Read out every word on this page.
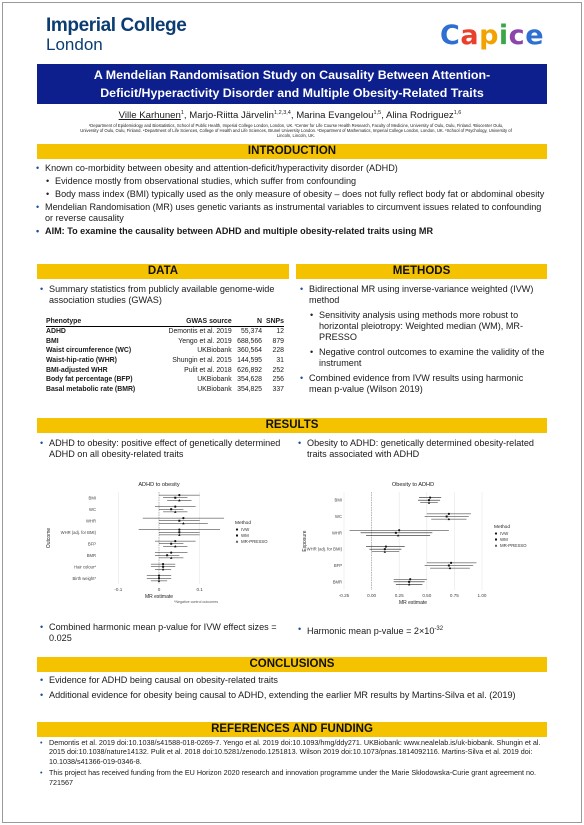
Imperial College
London	Capice
A Mendelian Randomisation Study on Causality Between Attention-Deficit/Hyperactivity Disorder and Multiple Obesity-Related Traits
Ville Karhunen$^1$, Marjo-Riitta Järvelin$^{1,2,3,4}$, Marina Evangelou$^{1,5}$, Alina Rodriguez$^{1,6}$
¹Department of Epidemiology and Biostatistics, School of Public Health, Imperial College London, London, UK. ²Center for Life Course Health Research, Faculty of Medicine, University of Oulu, Oulu, Finland. ³Biocenter Oulu, University of Oulu, Oulu, Finland. ⁴Department of Life Sciences, College of Health and Life Sciences, Brunel University London. ⁵Department of Mathematics, Imperial College London, London, UK. ⁶School of Psychology, University of Lincoln, Lincoln, UK.
INTRODUCTION
• Known co-morbidity between obesity and attention-deficit/hyperactivity disorder (ADHD)
• Evidence mostly from observational studies, which suffer from confounding
• Body mass index (BMI) typically used as the only measure of obesity – does not fully reflect body fat or abdominal obesity
• Mendelian Randomisation (MR) uses genetic variants as instrumental variables to circumvent issues related to confounding or reverse causality
• AIM: To examine the causality between ADHD and multiple obesity-related traits using MR
DATA
• Summary statistics from publicly available genome-wide association studies (GWAS)
Phenotype	GWAS source	N	SNPs
ADHD	Demontis et al. 2019	55,374	12
BMI	Yengo et al. 2019	688,566	879
Waist circumference (WC)	UKBiobank	360,564	228
Waist-hip-ratio (WHR)	Shungin et al. 2015	144,595	31
BMI-adjusted WHR	Pulit et al. 2018	626,892	252
Body fat percentage (BFP)	UKBiobank	354,628	256
Basal metabolic rate (BMR)	UKBiobank	354,825	337
METHODS
• Bidirectional MR using inverse-variance weighted (IVW) method
• Sensitivity analysis using methods more robust to horizontal pleiotropy: Weighted median (WM), MR-PRESSO
• Negative control outcomes to examine the validity of the instrument
• Combined evidence from IVW results using harmonic mean p-value (Wilson 2019)
RESULTS
• ADHD to obesity: positive effect of genetically determined ADHD on all obesity-related traits
• Obesity to ADHD: genetically determined obesity-related traits associated with ADHD
ADHD to obesity
-0.1	0	0.1
BMI
WC
WHR
WHR (adj. for BMI)
BFP
BMR
Hair colour*
Birth weight*
MR estimate
Outcome
Method
IVW
WM
MR-PRESSO
*Negative control outcomes
Obesity to ADHD
-0.25	0.00	0.25	0.50	0.75	1.00
BMI
WC
WHR
WHR (adj. for BMI)
BFP
BMR
MR estimate
Exposure
Method
IVW
WM
MR-PRESSO
• Combined harmonic mean p-value for IVW effect sizes = 0.025
• Harmonic mean p-value = $2\times 10^{-32}$
CONCLUSIONS
• Evidence for ADHD being causal on obesity-related traits
• Additional evidence for obesity being causal to ADHD, extending the earlier MR results by Martins-Silva et al. (2019)
REFERENCES AND FUNDING
• Demontis et al. 2019 doi:10.1038/s41588-018-0269-7. Yengo et al. 2019 doi:10.1093/hmg/ddy271. UKBiobank: www.nealelab.is/uk-biobank. Shungin et al. 2015 doi:10.1038/nature14132. Pulit et al. 2018 doi:10.5281/zenodo.1251813. Wilson 2019 doi:10.1073/pnas.1814092116. Martins-Silva et al. 2019 doi: 10.1038/s41366-019-0346-8.
• This project has received funding from the EU Horizon 2020 research and innovation programme under the Marie Skłodowska-Curie grant agreement no. 721567
